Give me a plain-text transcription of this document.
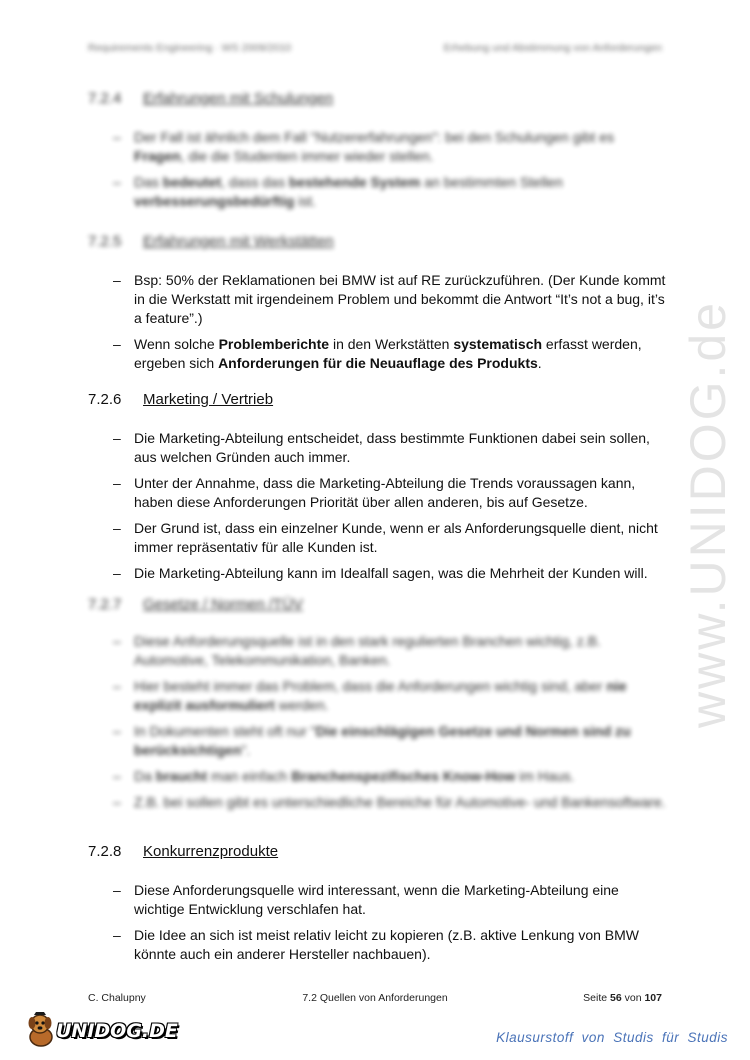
Requirements Engineering · WS 2009/2010	Erhebung und Abstimmung von Anforderungen
www.UNIDOG.de
7.2.4 Erfahrungen mit Schulungen
– Der Fall ist ähnlich dem Fall "Nutzererfahrungen": bei den Schulungen gibt es Fragen, die die Studenten immer wieder stellen.
– Das bedeutet, dass das bestehende System an bestimmten Stellen verbesserungsbedürftig ist.
7.2.5 Erfahrungen mit Werkstätten
– Bsp: 50% der Reklamationen bei BMW ist auf RE zurückzuführen. (Der Kunde kommt in die Werkstatt mit irgendeinem Problem und bekommt die Antwort “It’s not a bug, it’s a feature”.)
– Wenn solche Problemberichte in den Werkstätten systematisch erfasst werden, ergeben sich Anforderungen für die Neuauflage des Produkts.
7.2.6 Marketing / Vertrieb
– Die Marketing-Abteilung entscheidet, dass bestimmte Funktionen dabei sein sollen, aus welchen Gründen auch immer.
– Unter der Annahme, dass die Marketing-Abteilung die Trends voraussagen kann, haben diese Anforderungen Priorität über allen anderen, bis auf Gesetze.
– Der Grund ist, dass ein einzelner Kunde, wenn er als Anforderungsquelle dient, nicht immer repräsentativ für alle Kunden ist.
– Die Marketing-Abteilung kann im Idealfall sagen, was die Mehrheit der Kunden will.
7.2.7 Gesetze / Normen /TÜV
– Diese Anforderungsquelle ist in den stark regulierten Branchen wichtig, z.B. Automotive, Telekommunikation, Banken.
– Hier besteht immer das Problem, dass die Anforderungen wichtig sind, aber nie explizit ausformuliert werden.
– In Dokumenten steht oft nur "Die einschlägigen Gesetze und Normen sind zu berücksichtigen".
– Da braucht man einfach Branchenspezifisches Know-How im Haus.
– Z.B. bei sollen gibt es unterschiedliche Bereiche für Automotive- und Bankensoftware.
7.2.8 Konkurrenzprodukte
– Diese Anforderungsquelle wird interessant, wenn die Marketing-Abteilung eine wichtige Entwicklung verschlafen hat.
– Die Idee an sich ist meist relativ leicht zu kopieren (z.B. aktive Lenkung von BMW könnte auch ein anderer Hersteller nachbauen).
C. Chalupny	7.2 Quellen von Anforderungen	Seite 56 von 107
UNIDOG.DE	Klausurstoff von Studis für Studis
